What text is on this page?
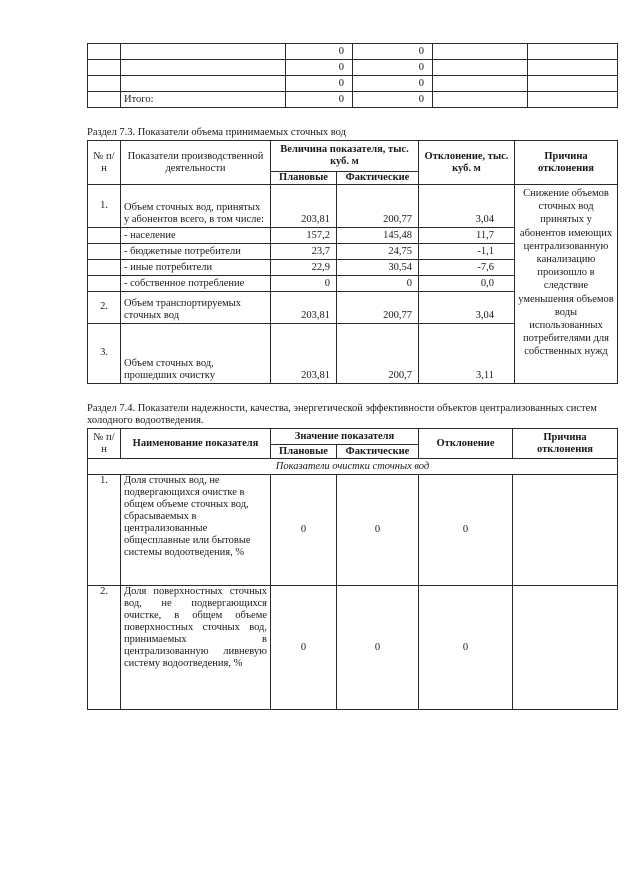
		0	0		
		0	0		
		0	0		
	Итого:	0	0		
Раздел 7.3. Показатели объема принимаемых сточных вод
№ п/н	Показатели производственной деятельности	Величина показателя, тыс. куб. м		Отклонение, тыс. куб. м	Причина отклонения
		Плановые	Фактические		
1.	Объем сточных вод, принятых у абонентов всего, в том числе:	203,81	200,77	3,04	Снижение объемов сточных вод принятых у абонентов имеющих централизованную канализацию произошло в следствие уменьшения объемов воды использованных потребителями для собственных нужд
	- население	157,2	145,48	11,7	
	- бюджетные потребители	23,7	24,75	-1,1	
	- иные потребители	22,9	30,54	-7,6	
	- собственное потребление	0	0	0,0	
2.	Объем транспортируемых сточных вод	203,81	200,77	3,04	
3.	Объем сточных вод, прошедших очистку	203,81	200,7	3,11	
Раздел 7.4. Показатели надежности, качества, энергетической эффективности объектов централизованных систем холодного водоотведения.
№ п/н	Наименование показателя	Значение показателя		Отклонение	Причина отклонения
		Плановые	Фактические		
Показатели очистки сточных вод					
1.	Доля сточных вод, не подвергающихся очистке в общем объеме сточных вод, сбрасываемых в централизованные общесплавные или бытовые системы водоотведения, %	0	0	0	
2.	Доля поверхностных сточных вод, не подвергающихся очистке, в общем объеме поверхностных сточных вод, принимаемых в централизованную ливневую систему водоотведения, %	0	0	0	
